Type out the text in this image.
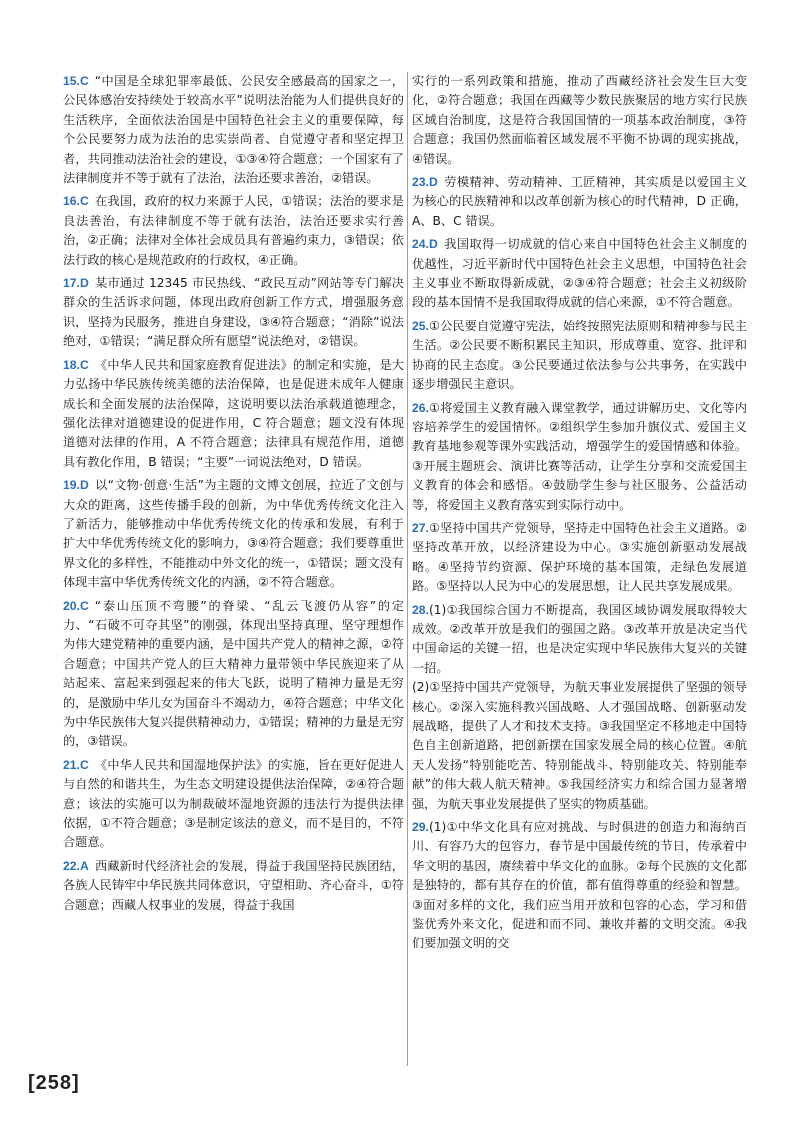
15.C “中国是全球犯罪率最低、公民安全感最高的国家之一，公民体感治安持续处于较高水平”说明法治能为人们提供良好的生活秩序，全面依法治国是中国特色社会主义的重要保障，每个公民要努力成为法治的忠实崇尚者、自觉遵守者和坚定捍卫者，共同推动法治社会的建设，①③④符合题意；一个国家有了法律制度并不等于就有了法治，法治还要求善治，②错误。
16.C 在我国，政府的权力来源于人民，①错误；法治的要求是良法善治，有法律制度不等于就有法治，法治还要求实行善治，②正确；法律对全体社会成员具有普遍约束力，③错误；依法行政的核心是规范政府的行政权，④正确。
17.D 某市通过 12345 市民热线、“政民互动”网站等专门解决群众的生活诉求问题，体现出政府创新工作方式，增强服务意识，坚持为民服务，推进自身建设，③④符合题意；“消除”说法绝对，①错误；“满足群众所有愿望”说法绝对，②错误。
18.C 《中华人民共和国家庭教育促进法》的制定和实施，是大力弘扬中华民族传统美德的法治保障，也是促进未成年人健康成长和全面发展的法治保障，这说明要以法治承载道德理念，强化法律对道德建设的促进作用，C 符合题意；题文没有体现道德对法律的作用，A 不符合题意；法律具有规范作用，道德具有教化作用，B 错误；“主要”一词说法绝对，D 错误。
19.D 以“文物·创意·生活”为主题的文博文创展，拉近了文创与大众的距离，这些传播手段的创新，为中华优秀传统文化注入了新活力，能够推动中华优秀传统文化的传承和发展，有利于扩大中华优秀传统文化的影响力，③④符合题意；我们要尊重世界文化的多样性，不能推动中外文化的统一，①错误；题文没有体现丰富中华优秀传统文化的内涵，②不符合题意。
20.C “泰山压顶不弯腰”的脊梁、“乱云飞渡仍从容”的定力、“石破不可夺其坚”的刚强，体现出坚持真理、坚守理想作为伟大建党精神的重要内涵，是中国共产党人的精神之源，②符合题意；中国共产党人的巨大精神力量带领中华民族迎来了从站起来、富起来到强起来的伟大飞跃，说明了精神力量是无穷的，是激励中华儿女为国奋斗不竭动力，④符合题意；中华文化为中华民族伟大复兴提供精神动力，①错误；精神的力量是无穷的，③错误。
21.C 《中华人民共和国湿地保护法》的实施，旨在更好促进人与自然的和谐共生，为生态文明建设提供法治保障，②④符合题意；该法的实施可以为制裁破坏湿地资源的违法行为提供法律依据，①不符合题意；③是制定该法的意义，而不是目的，不符合题意。
22.A 西藏新时代经济社会的发展，得益于我国坚持民族团结，各族人民铸牢中华民族共同体意识，守望相助、齐心奋斗，①符合题意；西藏人权事业的发展，得益于我国
实行的一系列政策和措施，推动了西藏经济社会发生巨大变化，②符合题意；我国在西藏等少数民族聚居的地方实行民族区域自治制度，这是符合我国国情的一项基本政治制度，③符合题意；我国仍然面临着区域发展不平衡不协调的现实挑战，④错误。
23.D 劳模精神、劳动精神、工匠精神，其实质是以爱国主义为核心的民族精神和以改革创新为核心的时代精神，D 正确，A、B、C 错误。
24.D 我国取得一切成就的信心来自中国特色社会主义制度的优越性，习近平新时代中国特色社会主义思想，中国特色社会主义事业不断取得新成就，②③④符合题意；社会主义初级阶段的基本国情不是我国取得成就的信心来源，①不符合题意。
25.①公民要自觉遵守宪法，始终按照宪法原则和精神参与民主生活。②公民要不断积累民主知识，形成尊重、宽容、批评和协商的民主态度。③公民要通过依法参与公共事务，在实践中逐步增强民主意识。
26.①将爱国主义教育融入课堂教学，通过讲解历史、文化等内容培养学生的爱国情怀。②组织学生参加升旗仪式、爱国主义教育基地参观等课外实践活动，增强学生的爱国情感和体验。③开展主题班会、演讲比赛等活动，让学生分享和交流爱国主义教育的体会和感悟。④鼓励学生参与社区服务、公益活动等，将爱国主义教育落实到实际行动中。
27.①坚持中国共产党领导，坚持走中国特色社会主义道路。②坚持改革开放，以经济建设为中心。③实施创新驱动发展战略。④坚持节约资源、保护环境的基本国策，走绿色发展道路。⑤坚持以人民为中心的发展思想，让人民共享发展成果。
28.(1)①我国综合国力不断提高，我国区域协调发展取得较大成效。②改革开放是我们的强国之路。③改革开放是决定当代中国命运的关键一招，也是决定实现中华民族伟大复兴的关键一招。
(2)①坚持中国共产党领导，为航天事业发展提供了坚强的领导核心。②深入实施科教兴国战略、人才强国战略、创新驱动发展战略，提供了人才和技术支持。③我国坚定不移地走中国特色自主创新道路，把创新摆在国家发展全局的核心位置。④航天人发扬“特别能吃苦、特别能战斗、特别能攻关、特别能奉献”的伟大载人航天精神。⑤我国经济实力和综合国力显著增强，为航天事业发展提供了坚实的物质基础。
29.(1)①中华文化具有应对挑战、与时俱进的创造力和海纳百川、有容乃大的包容力，春节是中国最传统的节日，传承着中华文明的基因，赓续着中华文化的血脉。②每个民族的文化都是独特的，都有其存在的价值，都有值得尊重的经验和智慧。③面对多样的文化，我们应当用开放和包容的心态，学习和借鉴优秀外来文化，促进和而不同、兼收并蓄的文明交流。④我们要加强文明的交
[258]
